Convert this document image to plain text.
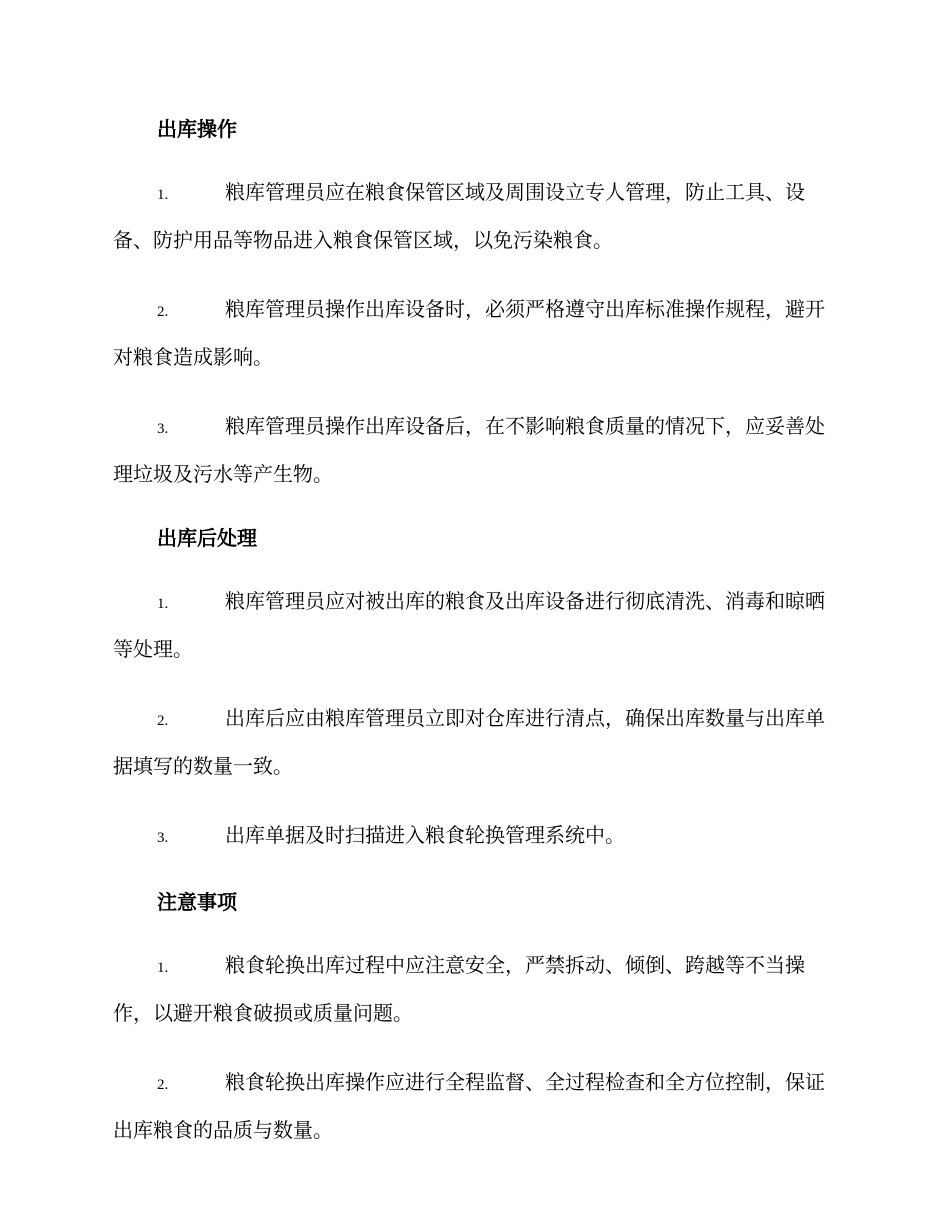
出库操作

1.	粮库管理员应在粮食保管区域及周围设立专人管理，防止工具、设备、防护用品等物品进入粮食保管区域，以免污染粮食。

2.	粮库管理员操作出库设备时，必须严格遵守出库标准操作规程，避开对粮食造成影响。

3.	粮库管理员操作出库设备后，在不影响粮食质量的情况下，应妥善处理垃圾及污水等产生物。

出库后处理

1.	粮库管理员应对被出库的粮食及出库设备进行彻底清洗、消毒和晾晒等处理。

2.	出库后应由粮库管理员立即对仓库进行清点，确保出库数量与出库单据填写的数量一致。

3.	出库单据及时扫描进入粮食轮换管理系统中。

注意事项

1.	粮食轮换出库过程中应注意安全，严禁拆动、倾倒、跨越等不当操作，以避开粮食破损或质量问题。

2.	粮食轮换出库操作应进行全程监督、全过程检查和全方位控制，保证出库粮食的品质与数量。
